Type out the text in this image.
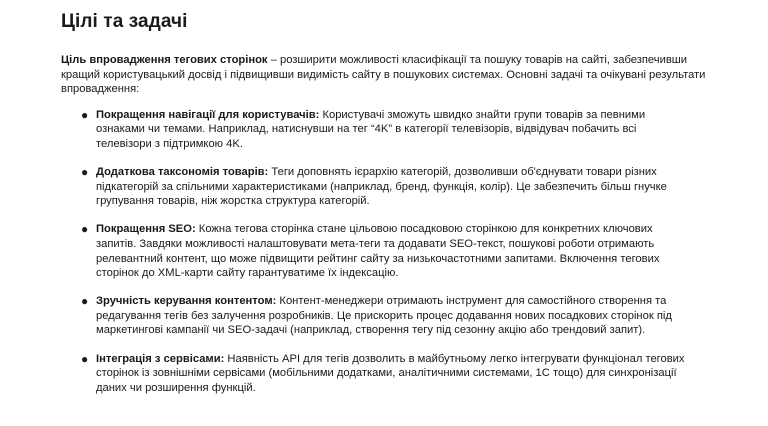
Цілі та задачі

Ціль впровадження тегових сторінок – розширити можливості класифікації та пошуку товарів на сайті, забезпечивши кращий користувацький досвід і підвищивши видимість сайту в пошукових системах. Основні задачі та очікувані результати впровадження:

● Покращення навігації для користувачів: Користувачі зможуть швидко знайти групи товарів за певними ознаками чи темами. Наприклад, натиснувши на тег “4K” в категорії телевізорів, відвідувач побачить всі телевізори з підтримкою 4K.
● Додаткова таксономія товарів: Теги доповнять ієрархію категорій, дозволивши об'єднувати товари різних підкатегорій за спільними характеристиками (наприклад, бренд, функція, колір). Це забезпечить більш гнучке групування товарів, ніж жорстка структура категорій.
● Покращення SEO: Кожна тегова сторінка стане цільовою посадковою сторінкою для конкретних ключових запитів. Завдяки можливості налаштовувати мета-теги та додавати SEO-текст, пошукові роботи отримають релевантний контент, що може підвищити рейтинг сайту за низькочастотними запитами. Включення тегових сторінок до XML-карти сайту гарантуватиме їх індексацію.
● Зручність керування контентом: Контент-менеджери отримають інструмент для самостійного створення та редагування тегів без залучення розробників. Це прискорить процес додавання нових посадкових сторінок під маркетингові кампанії чи SEO-задачі (наприклад, створення тегу під сезонну акцію або трендовий запит).
● Інтеграція з сервісами: Наявність API для тегів дозволить в майбутньому легко інтегрувати функціонал тегових сторінок із зовнішніми сервісами (мобільними додатками, аналітичними системами, 1С тощо) для синхронізації даних чи розширення функцій.
